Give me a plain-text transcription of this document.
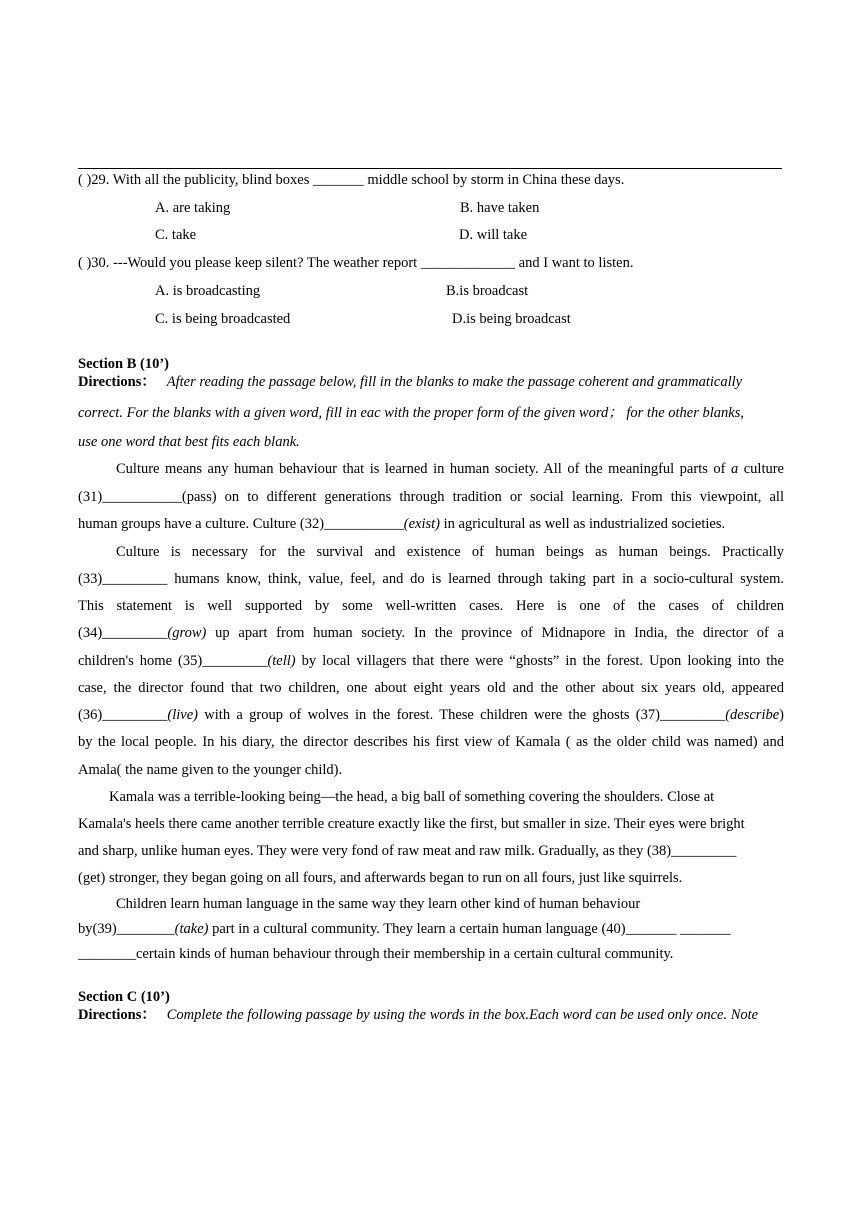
( )29. With all the publicity, blind boxes _______ middle school by storm in China these days.
A. are taking	B. have taken
C. take	D. will take
( )30. ---Would you please keep silent? The weather report _____________ and I want to listen.
A. is broadcasting	B.is broadcast
C. is being broadcasted	D.is being broadcast
Section B (10’)
Directions： After reading the passage below, fill in the blanks to make the passage coherent and grammatically
correct. For the blanks with a given word, fill in eac with the proper form of the given word； for the other blanks,
use one word that best fits each blank.
Culture means any human behaviour that is learned in human society. All of the meaningful parts of a culture
(31)___________(pass) on to different generations through tradition or social learning. From this viewpoint, all
human groups have a culture. Culture (32)___________(exist) in agricultural as well as industrialized societies.
Culture is necessary for the survival and existence of human beings as human beings. Practically
(33)_________ humans know, think, value, feel, and do is learned through taking part in a socio-cultural system.
This statement is well supported by some well-written cases. Here is one of the cases of children
(34)_________(grow) up apart from human society. In the province of Midnapore in India, the director of a
children's home (35)_________(tell) by local villagers that there were “ghosts” in the forest. Upon looking into the
case, the director found that two children, one about eight years old and the other about six years old, appeared
(36)_________(live) with a group of wolves in the forest. These children were the ghosts (37)_________(describe)
by the local people. In his diary, the director describes his first view of Kamala ( as the older child was named) and
Amala( the name given to the younger child).
Kamala was a terrible-looking being—the head, a big ball of something covering the shoulders. Close at
Kamala's heels there came another terrible creature exactly like the first, but smaller in size. Their eyes were bright
and sharp, unlike human eyes. They were very fond of raw meat and raw milk. Gradually, as they (38)_________
(get) stronger, they began going on all fours, and afterwards began to run on all fours, just like squirrels.
Children learn human language in the same way they learn other kind of human behaviour
by(39)________(take) part in a cultural community. They learn a certain human language (40)_______ _______
________certain kinds of human behaviour through their membership in a certain cultural community.
Section C (10’)
Directions： Complete the following passage by using the words in the box.Each word can be used only once. Note
